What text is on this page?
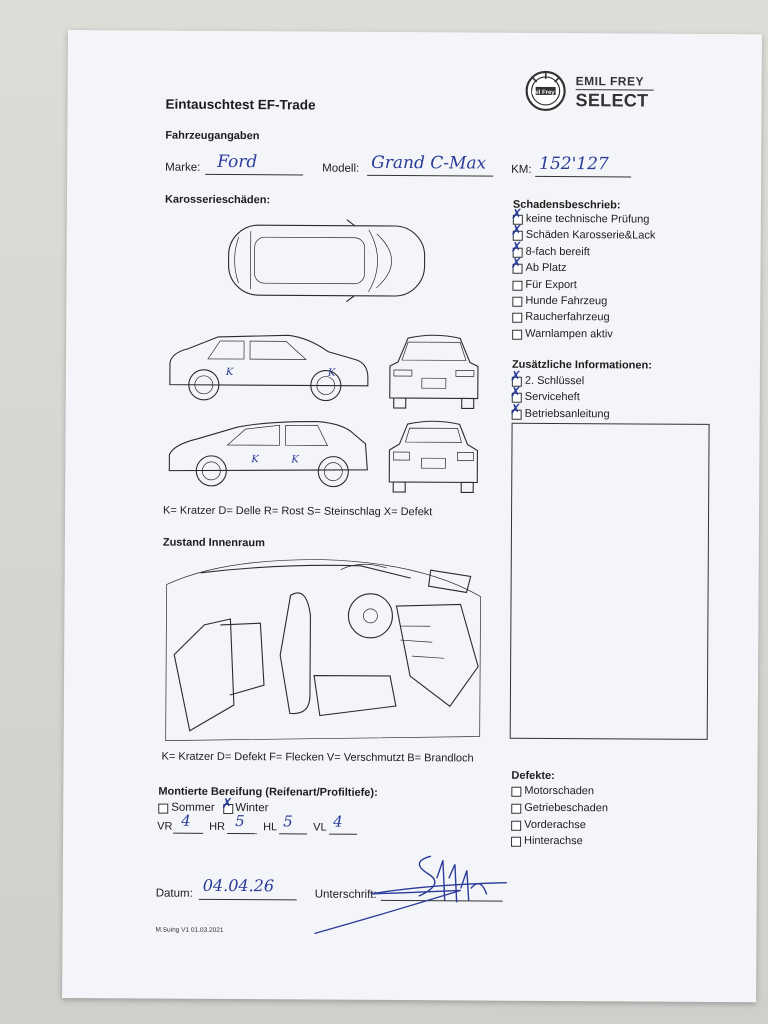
Eintauschtest EF-Trade
Emil Frey
EMIL FREY
SELECT
Fahrzeugangaben
Marke: Ford	Modell: Grand C-Max KM: 152'127
Karosserieschäden:
K	K
K	K
K= Kratzer D= Delle R= Rost S= Steinschlag X= Defekt
Schadensbeschrieb:
✗ keine technische Prüfung
✗ Schäden Karosserie&Lack
✗ 8-fach bereift
✗ Ab Platz
Für Export
Hunde Fahrzeug
Raucherfahrzeug
Warnlampen aktiv
Zusätzliche Informationen:
✗ 2. Schlüssel
✗ Serviceheft
✗ Betriebsanleitung
Zustand Innenraum
K= Kratzer D= Defekt F= Flecken V= Verschmutzt B= Brandloch
Montierte Bereifung (Reifenart/Profiltiefe):
Sommer ✗ Winter
VR 4 HR 5 HL 5 VL 4
Defekte:
Motorschaden
Getriebeschaden
Vorderachse
Hinterachse
Datum: 04.04.26	Unterschrift:
M.Suing V1 01.03.2021
